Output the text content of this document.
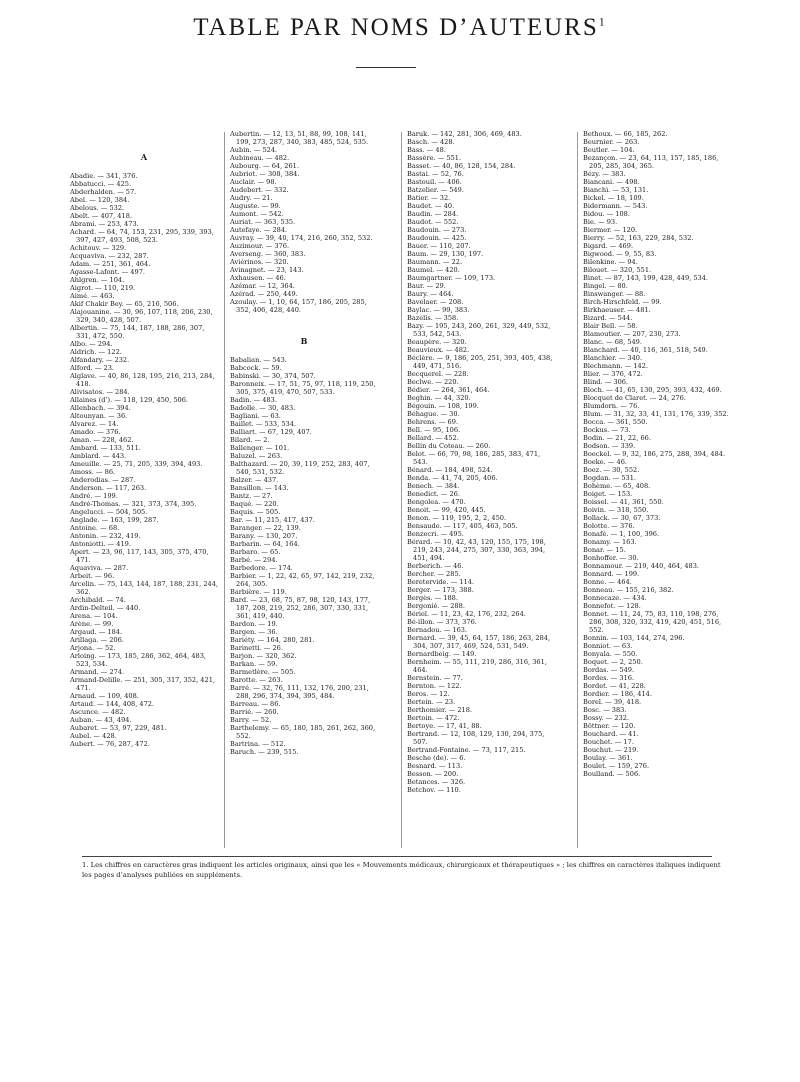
TABLE PAR NOMS D’AUTEURS$^1$
A
Abadie. — 341, 376.
Abbatucci. — 425.
Abderhalden. — 57.
Abel. — 120, 384.
Abelous. — 532.
Abelt. — 407, 418.
Abrami. — 253, 473.
Achard. — 64, 74, 153, 231, 295, 339, 393, 397, 427, 493, 508, 523.
Achitouv. — 329.
Acquaviva. — 232, 287.
Adam. — 251, 361, 464.
Agasse-Lafont. — 497.
Ahlgren. — 104.
Aigrot. — 110, 219.
Aimé. — 463.
Akif Chakir Bey. — 65, 216, 506.
Alajouanine. — 30, 96, 107, 118, 206, 230, 329, 340, 428, 507.
Albertin. — 75, 144, 187, 188, 286, 307, 331, 472, 550.
Albo. — 294.
Aldrich. — 122.
Alfandary. — 232.
Alford. — 23.
Alglave. — 40, 86, 128, 195, 216, 213, 284, 418.
Alivisatos. — 284.
Allaines (d’). — 118, 129, 450, 506.
Allenbach. — 394.
Altounyan. — 36.
Alvarez. — 14.
Amado. — 376.
Aman. — 228, 462.
Ambard. — 133, 511.
Amblard. — 443.
Ameuille. — 25, 71, 205, 339, 394, 493.
Amoss. — 86.
Anderodias. — 287.
Anderson. — 117, 263.
André. — 199.
André-Thomas. — 321, 373, 374, 395.
Angelucci. — 504, 505.
Anglade. — 163, 199, 287.
Antoine. — 68.
Antonin. — 232, 419.
Antoniotti. — 419.
Apert. — 23, 96, 117, 143, 305, 375, 470, 471.
Aquaviva. — 287.
Arbeit. — 96.
Arcelin. — 75, 143, 144, 187, 188, 231, 244, 362.
Archibald. — 74.
Ardin-Delteil. — 440.
Arena. — 104.
Arène. — 99.
Argaud. — 184.
Arillaga. — 206.
Arjona. — 52.
Arloing. — 173, 185, 286, 362, 464, 483, 523, 534.
Armand. — 274.
Armand-Delille. — 251, 305, 317, 352, 421, 471.
Arnaud. — 109, 408.
Artaud. — 144, 408, 472.
Ascunce. — 482.
Auban. — 43, 494.
Aubaret. — 53, 97, 229, 481.
Aubel. — 428.
Aubert. — 76, 287, 472.
Aubertin. — 12, 13, 51, 88, 99, 108, 141, 199, 273, 287, 340, 383, 485, 524, 535.
Aubin. — 524.
Aubineau. — 482.
Aubourg. — 64, 261.
Aubriot. — 308, 384.
Auclair. — 98.
Audebert. — 332.
Audry. — 21.
Auguste. — 99.
Aumont. — 542.
Auriat. — 363, 535.
Autefaye. — 284.
Auvray. — 39, 40, 174, 216, 260, 352, 532.
Auzimour. — 376.
Averseng. — 360, 383.
Aviérinos. — 320.
Avinagnet. — 23, 143.
Axhausen. — 46.
Azémar. — 12, 364.
Azérad. — 250, 449.
Azoulay. — 1, 10, 64, 157, 186, 205, 285, 352, 406, 428, 440.
B
Babalian. — 543.
Babcock. — 59.
Babinski. — 30, 374, 507.
Baronneix. — 17, 51, 75, 97, 118, 119, 250, 305, 375, 419, 470, 507, 533.
Badin. — 483.
Badolle. — 30, 483.
Bagliani. — 63.
Baillet. — 533, 534.
Balliart. — 67, 129, 407.
Bilard. — 2.
Ballenger. — 101.
Baluzel. — 263.
Balthazard. — 20, 39, 119, 252, 283, 407, 540, 531, 532.
Balzer. — 437.
Bansillon. — 143.
Bantz. — 27.
Baqué. — 220.
Baquis. — 505.
Bar. — 11, 215, 417, 437.
Baranger. — 22, 139.
Barany. — 130, 207.
Barbarin. — 64, 164.
Barbaro. — 65.
Barbé. — 294.
Barbedore. — 174.
Barbier. — 1, 22, 42, 65, 97, 142, 219, 232, 264, 305.
Barbière. — 119.
Bard. — 23, 68, 75, 87, 98, 120, 143, 177, 187, 208, 219, 252, 286, 307, 330, 331, 361, 419, 440.
Bardon. — 19.
Bargen. — 36.
Bariéty. — 164, 280, 281.
Barinetti. — 26.
Barjon. — 320, 362.
Barkan. — 59.
Barmetlère. — 505.
Barotte. — 263.
Barré. — 32, 76, 111, 132, 176, 200, 231, 288, 296, 374, 394, 395, 484.
Barreau. — 86.
Barrié. — 260.
Barry. — 52.
Barthelemy. — 65, 180, 185, 261, 262, 360, 552.
Bartrina. — 512.
Baruch. — 239, 515.
Baruk. — 142, 281, 306, 469, 483.
Basch. — 428.
Bass. — 48.
Bassère. — 551.
Basset. — 40, 86, 128, 154, 284.
Bastai. — 52, 76.
Bastouil. — 406.
Batzelier. — 549.
Batier. — 32.
Baudet. — 40.
Baudin. — 284.
Baudot. — 552.
Baudouin. — 273.
Baudouin. — 425.
Bauer. — 110, 207.
Baum. — 29, 130, 197.
Baumann. — 22.
Baumel. — 420.
Baumgartner. — 109, 173.
Baur. — 29.
Baury. — 464.
Bavelaer. — 208.
Baylac. — 99, 383.
Bazelis. — 358.
Bazy. — 195, 243, 260, 261, 329, 449, 532, 533, 542, 543.
Beaupère. — 320.
Beauvieux. — 482.
Béclère. — 9, 186, 205, 251, 393, 405, 438, 449, 471, 516.
Becquerel. — 228.
Beclwe. — 220.
Bédier. — 264, 361, 464.
Beghin. — 44, 320.
Bégouin. — 108, 199.
Béhague. — 30.
Behrens. — 69.
Bell. — 95, 106.
Bellard. — 452.
Bellin du Coteau. — 260.
Belot. — 66, 79, 98, 186, 285, 383, 471, 543.
Bénard. — 184, 498, 524.
Benda. — 41, 74, 205, 406.
Benech. — 384.
Benedict. — 26.
Bengolea. — 470.
Benoit. — 99, 420, 445.
Benon. — 119, 195, 2, 2, 450.
Bensaude. — 117, 405, 463, 505.
Benzecri. — 495.
Bérard. — 10, 42, 43, 120, 155, 175, 198, 219, 243, 244, 275, 307, 330, 363, 394, 451, 494.
Berberich. — 46.
Bercher. — 285.
Beretervide. — 114.
Berger. — 173, 388.
Bergès. — 188.
Bergonié. — 288.
Bériel. — 11, 23, 42, 176, 232, 264.
Bé-illon. — 373, 376.
Bernadou. — 163.
Bernard. — 39, 45, 64, 157, 186, 263, 284, 304, 307, 317, 469, 524, 531, 549.
Bernardbeig. — 149.
Bernheim. — 55, 111, 219, 286, 316, 361, 464.
Bernstein. — 77.
Bernton. — 122.
Beros. — 12.
Bertein. — 23.
Berthomier. — 218.
Bertoin. — 472.
Bertoye. — 17, 41, 88.
Bertrand. — 12, 108, 129, 130, 294, 375, 507.
Bertrand-Fontaine. — 73, 117, 215.
Besche (de). — 6.
Besnard. — 113.
Besson. — 200.
Betances. — 326.
Betchov. — 110.
Bethoux. — 66, 185, 262.
Beurnier. — 263.
Beutler. — 104.
Bezançon. — 23, 64, 113, 157, 185, 186, 205, 285, 304, 365.
Bézy. — 383.
Biancani. — 498.
Bianchi. — 53, 131.
Bickel. — 18, 109.
Bidermann. — 543.
Bidou. — 108.
Bie. — 93.
Biermer. — 120.
Bierry. — 52, 163, 229, 284, 532.
Bigard. — 469.
Bigwood. — 9, 55, 83.
Bilenkine. — 94.
Bilouet. — 320, 551.
Binet. — 87, 143, 199, 428, 449, 534.
Bingel. — 80.
Binswanger. — 88.
Birch-Hirschfeld. — 99.
Birkhaeuser. — 481.
Bizard. — 544.
Blair Bell. — 58.
Blamoutier. — 207, 230, 273.
Blanc. — 68, 549.
Blanchard. — 40, 116, 361, 518, 549.
Blanchier. — 340.
Blechmann. — 142.
Blier. — 376, 472.
Blind. — 306.
Bloch. — 41, 65, 130, 295, 393, 432, 469.
Blocquet de Claret. — 24, 276.
Blumdorn. — 76.
Blum. — 31, 32, 33, 41, 131, 176, 339, 352.
Bocca. — 361, 550.
Bockus. — 73.
Bodin. — 21, 22, 66.
Bodson. — 339.
Boeckel. — 9, 32, 186, 275, 288, 394, 484.
Boeke. — 46.
Boez. — 30, 552.
Bogdan. — 531.
Bohème. — 65, 408.
Boiget. — 153.
Boissel. — 41, 361, 550.
Boivin. — 318, 550.
Bollack. — 30, 67, 373.
Bolotte. — 376.
Bonafé. — 1, 100, 396.
Bonamy. — 163.
Bonar. — 15.
Bonhoffer. — 30.
Bonnamour. — 219, 440, 464, 483.
Bonnard. — 199.
Bonne. — 464.
Bonneau. — 155, 216, 382.
Bonnecaze. — 434.
Bonnefot. — 128.
Bonnet. — 11, 24, 75, 83, 110, 198, 276, 286, 308, 320, 332, 419, 420, 451, 516, 552.
Bonnin. — 103, 144, 274, 296.
Bonniot. — 63.
Bonyala. — 550.
Boquet. — 2, 250.
Bordas. — 549.
Bordes. — 316.
Bordet. — 41, 228.
Bordier. — 186, 414.
Borel. — 39, 418.
Bosc. — 383.
Bossy. — 232.
Böttner. — 120.
Bouchard. — 41.
Bouchet. — 17.
Bouchut. — 219.
Boulay. — 361.
Boulet. — 159, 276.
Boulland. — 506.
1. Les chiffres en caractères gras indiquent les articles originaux, ainsi que les « Mouvements médicaux, chirurgicaux et thérapeutiques » ; les chiffres en caractères italiques indiquent les pages d’analyses publiées en suppléments.
